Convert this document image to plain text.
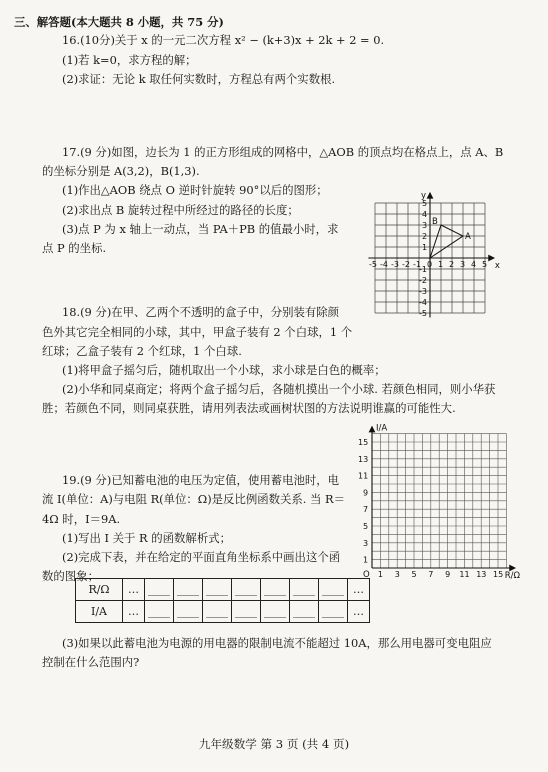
三、解答题(本大题共 8 小题，共 75 分)
16.(10分)关于 x 的一元二次方程 x² − (k+3)x + 2k + 2 = 0.
(1)若 k=0，求方程的解；
(2)求证：无论 k 取任何实数时，方程总有两个实数根.
17.(9 分)如图，边长为 1 的正方形组成的网格中，△AOB 的顶点均在格点上，点 A、B
的坐标分别是 A(3,2)，B(1,3).
(1)作出△AOB 绕点 O 逆时针旋转 90°以后的图形；
(2)求出点 B 旋转过程中所经过的路径的长度；
(3)点 P 为 x 轴上一动点，当 PA＋PB 的值最小时，求
点 P 的坐标.
x
y
-5 -4 -3 -2 -1 0 1 2 3 4 5
5
4
3
2
1
-1
-2
-3
-4
-5
A
B
18.(9 分)在甲、乙两个不透明的盒子中，分别装有除颜
色外其它完全相同的小球，其中，甲盒子装有 2 个白球，1 个
红球；乙盒子装有 2 个红球，1 个白球.
(1)将甲盒子摇匀后，随机取出一个小球，求小球是白色的概率；
(2)小华和同桌商定；将两个盒子摇匀后，各随机摸出一个小球. 若颜色相同，则小华获
胜；若颜色不同，则同桌获胜，请用列表法或画树状图的方法说明谁赢的可能性大.
19.(9 分)已知蓄电池的电压为定值，使用蓄电池时，电
流 I(单位：A)与电阻 R(单位：Ω)是反比例函数关系. 当 R＝
4Ω 时，I＝9A.
(1)写出 I 关于 R 的函数解析式；
(2)完成下表，并在给定的平面直角坐标系中画出这个函
数的图象；
R/Ω	…	____	____	____	____	____	____	____	…
I/A	…	____	____	____	____	____	____	____	…
(3)如果以此蓄电池为电源的用电器的限制电流不能超过 10A，那么用电器可变电阻应
控制在什么范围内?
I/A
R/Ω
O
15
13
11
9
7
5
3
1
1 3 5 7 9 11 13 15
九年级数学 第 3 页 (共 4 页)
